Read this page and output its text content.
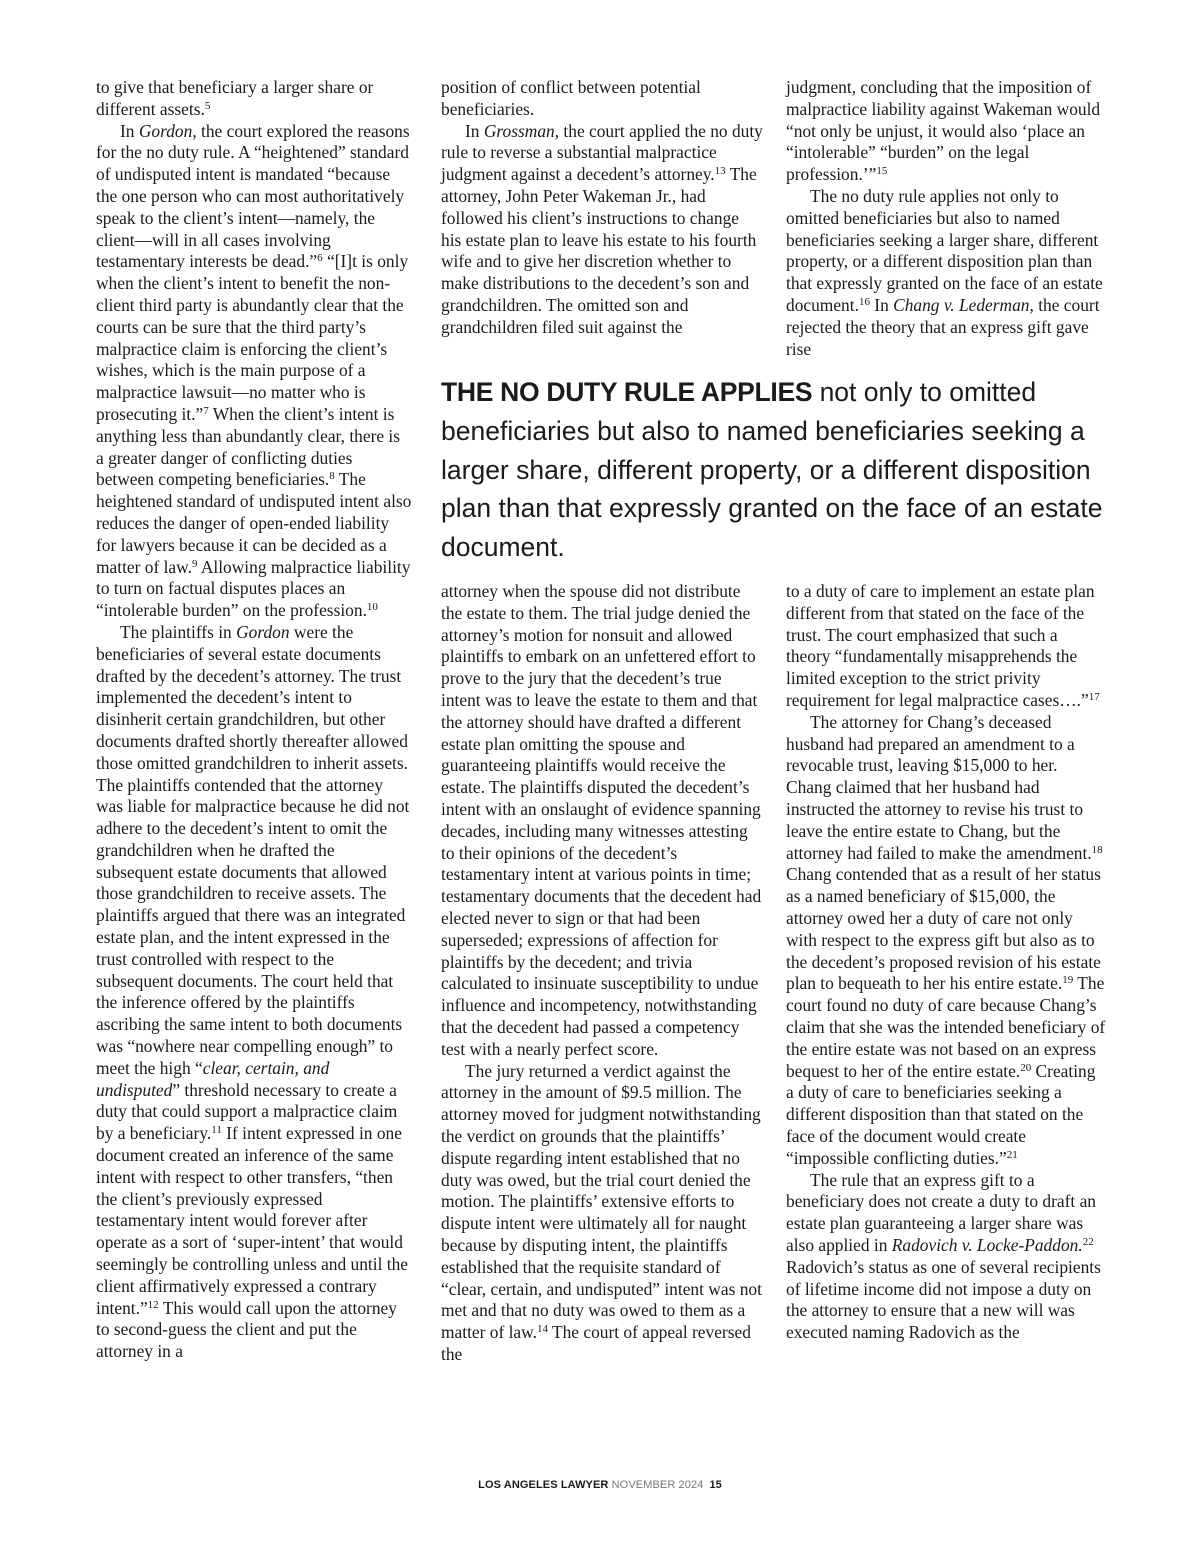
to give that beneficiary a larger share or different assets.$^5$

In Gordon, the court explored the reasons for the no duty rule. A “heightened” standard of undisputed intent is mandated “because the one person who can most authoritatively speak to the client’s intent—namely, the client—will in all cases involving testamentary interests be dead.”$^6$ “[I]t is only when the client’s intent to benefit the non-client third party is abundantly clear that the courts can be sure that the third party’s malpractice claim is enforcing the client’s wishes, which is the main purpose of a malpractice lawsuit—no matter who is prosecuting it.”$^7$ When the client’s intent is anything less than abundantly clear, there is a greater danger of conflicting duties between competing beneficiaries.$^8$ The heightened standard of undisputed intent also reduces the danger of open-ended liability for lawyers because it can be decided as a matter of law.$^9$ Allowing malpractice liability to turn on factual disputes places an “intolerable burden” on the profession.$^{10}$

The plaintiffs in Gordon were the beneficiaries of several estate documents drafted by the decedent’s attorney. The trust implemented the decedent’s intent to disinherit certain grandchildren, but other documents drafted shortly thereafter allowed those omitted grandchildren to inherit assets. The plaintiffs contended that the attorney was liable for malpractice because he did not adhere to the decedent’s intent to omit the grandchildren when he drafted the subsequent estate documents that allowed those grandchildren to receive assets. The plaintiffs argued that there was an integrated estate plan, and the intent expressed in the trust controlled with respect to the subsequent documents. The court held that the inference offered by the plaintiffs ascribing the same intent to both documents was “nowhere near compelling enough” to meet the high “clear, certain, and undisputed” threshold necessary to create a duty that could support a malpractice claim by a beneficiary.$^{11}$ If intent expressed in one document created an inference of the same intent with respect to other transfers, “then the client’s previously expressed testamentary intent would forever after operate as a sort of ‘super-intent’ that would seemingly be controlling unless and until the client affirmatively expressed a contrary intent.”$^{12}$ This would call upon the attorney to second-guess the client and put the attorney in a

position of conflict between potential beneficiaries.

In Grossman, the court applied the no duty rule to reverse a substantial malpractice judgment against a decedent’s attorney.$^{13}$ The attorney, John Peter Wakeman Jr., had followed his client’s instructions to change his estate plan to leave his estate to his fourth wife and to give her discretion whether to make distributions to the decedent’s son and grandchildren. The omitted son and grandchildren filed suit against the

judgment, concluding that the imposition of malpractice liability against Wakeman would “not only be unjust, it would also ‘place an “intolerable” “burden” on the legal profession.’”$^{15}$

The no duty rule applies not only to omitted beneficiaries but also to named beneficiaries seeking a larger share, different property, or a different disposition plan than that expressly granted on the face of an estate document.$^{16}$ In Chang v. Lederman, the court rejected the theory that an express gift gave rise

THE NO DUTY RULE APPLIES not only to omitted beneficiaries but also to named beneficiaries seeking a larger share, different property, or a different disposition plan than that expressly granted on the face of an estate document.

attorney when the spouse did not distribute the estate to them. The trial judge denied the attorney’s motion for nonsuit and allowed plaintiffs to embark on an unfettered effort to prove to the jury that the decedent’s true intent was to leave the estate to them and that the attorney should have drafted a different estate plan omitting the spouse and guaranteeing plaintiffs would receive the estate. The plaintiffs disputed the decedent’s intent with an onslaught of evidence spanning decades, including many witnesses attesting to their opinions of the decedent’s testamentary intent at various points in time; testamentary documents that the decedent had elected never to sign or that had been superseded; expressions of affection for plaintiffs by the decedent; and trivia calculated to insinuate susceptibility to undue influence and incompetency, notwithstanding that the decedent had passed a competency test with a nearly perfect score.

The jury returned a verdict against the attorney in the amount of $9.5 million. The attorney moved for judgment notwithstanding the verdict on grounds that the plaintiffs’ dispute regarding intent established that no duty was owed, but the trial court denied the motion. The plaintiffs’ extensive efforts to dispute intent were ultimately all for naught because by disputing intent, the plaintiffs established that the requisite standard of “clear, certain, and undisputed” intent was not met and that no duty was owed to them as a matter of law.$^{14}$ The court of appeal reversed the

to a duty of care to implement an estate plan different from that stated on the face of the trust. The court emphasized that such a theory “fundamentally misapprehends the limited exception to the strict privity requirement for legal malpractice cases….”$^{17}$

The attorney for Chang’s deceased husband had prepared an amendment to a revocable trust, leaving $15,000 to her. Chang claimed that her husband had instructed the attorney to revise his trust to leave the entire estate to Chang, but the attorney had failed to make the amendment.$^{18}$ Chang contended that as a result of her status as a named beneficiary of $15,000, the attorney owed her a duty of care not only with respect to the express gift but also as to the decedent’s proposed revision of his estate plan to bequeath to her his entire estate.$^{19}$ The court found no duty of care because Chang’s claim that she was the intended beneficiary of the entire estate was not based on an express bequest to her of the entire estate.$^{20}$ Creating a duty of care to beneficiaries seeking a different disposition than that stated on the face of the document would create “impossible conflicting duties.”$^{21}$

The rule that an express gift to a beneficiary does not create a duty to draft an estate plan guaranteeing a larger share was also applied in Radovich v. Locke-Paddon.$^{22}$ Radovich’s status as one of several recipients of lifetime income did not impose a duty on the attorney to ensure that a new will was executed naming Radovich as the

LOS ANGELES LAWYER NOVEMBER 2024 15
